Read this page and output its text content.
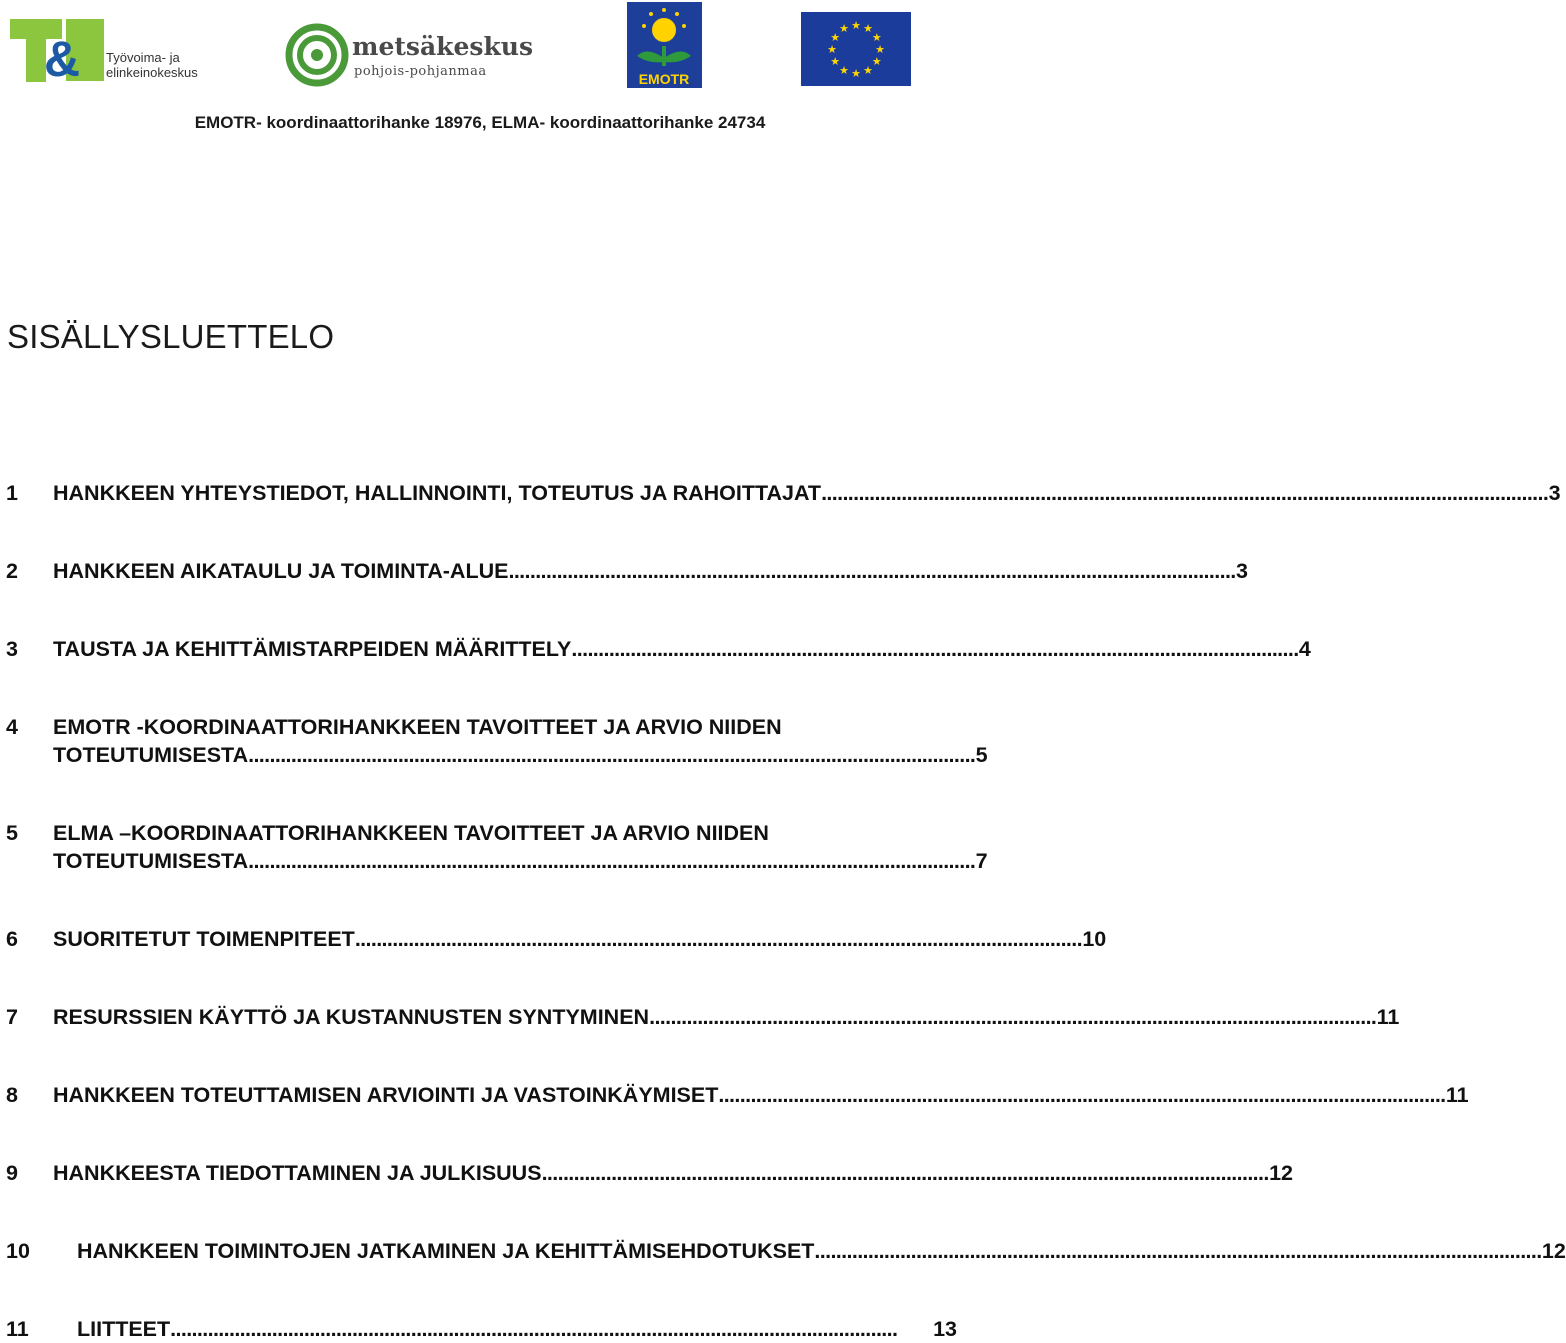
& Työvoima- ja
elinkeinokeskus
metsäkeskus
pohjois-pohjanmaa	EMOTR
★ ★
★
★
★
★
★
★
★
★
★
★
EMOTR- koordinaattorihanke 18976, ELMA- koordinaattorihanke 24734
SISÄLLYSLUETTELO
1	HANKKEEN YHTEYSTIEDOT, HALLINNOINTI, TOTEUTUS JA RAHOITTAJAT . . .	3
2	HANKKEEN AIKATAULU JA TOIMINTA-ALUE . . .	3
3	TAUSTA JA KEHITTÄMISTARPEIDEN MÄÄRITTELY . . .	4
4	EMOTR -KOORDINAATTORIHANKKEEN TAVOITTEET JA ARVIO NIIDEN
TOTEUTUMISESTA . . .	5
5	ELMA –KOORDINAATTORIHANKKEEN TAVOITTEET JA ARVIO NIIDEN
TOTEUTUMISESTA . . .	7
6	SUORITETUT TOIMENPITEET . . .	10
7	RESURSSIEN KÄYTTÖ JA KUSTANNUSTEN SYNTYMINEN . . .	11
8	HANKKEEN TOTEUTTAMISEN ARVIOINTI JA VASTOINKÄYMISET . . .	11
9	HANKKEESTA TIEDOTTAMINEN JA JULKISUUS . . .	12
10	HANKKEEN TOIMINTOJEN JATKAMINEN JA KEHITTÄMISEHDOTUKSET . . .	12
11	LIITTEET . . .	13
